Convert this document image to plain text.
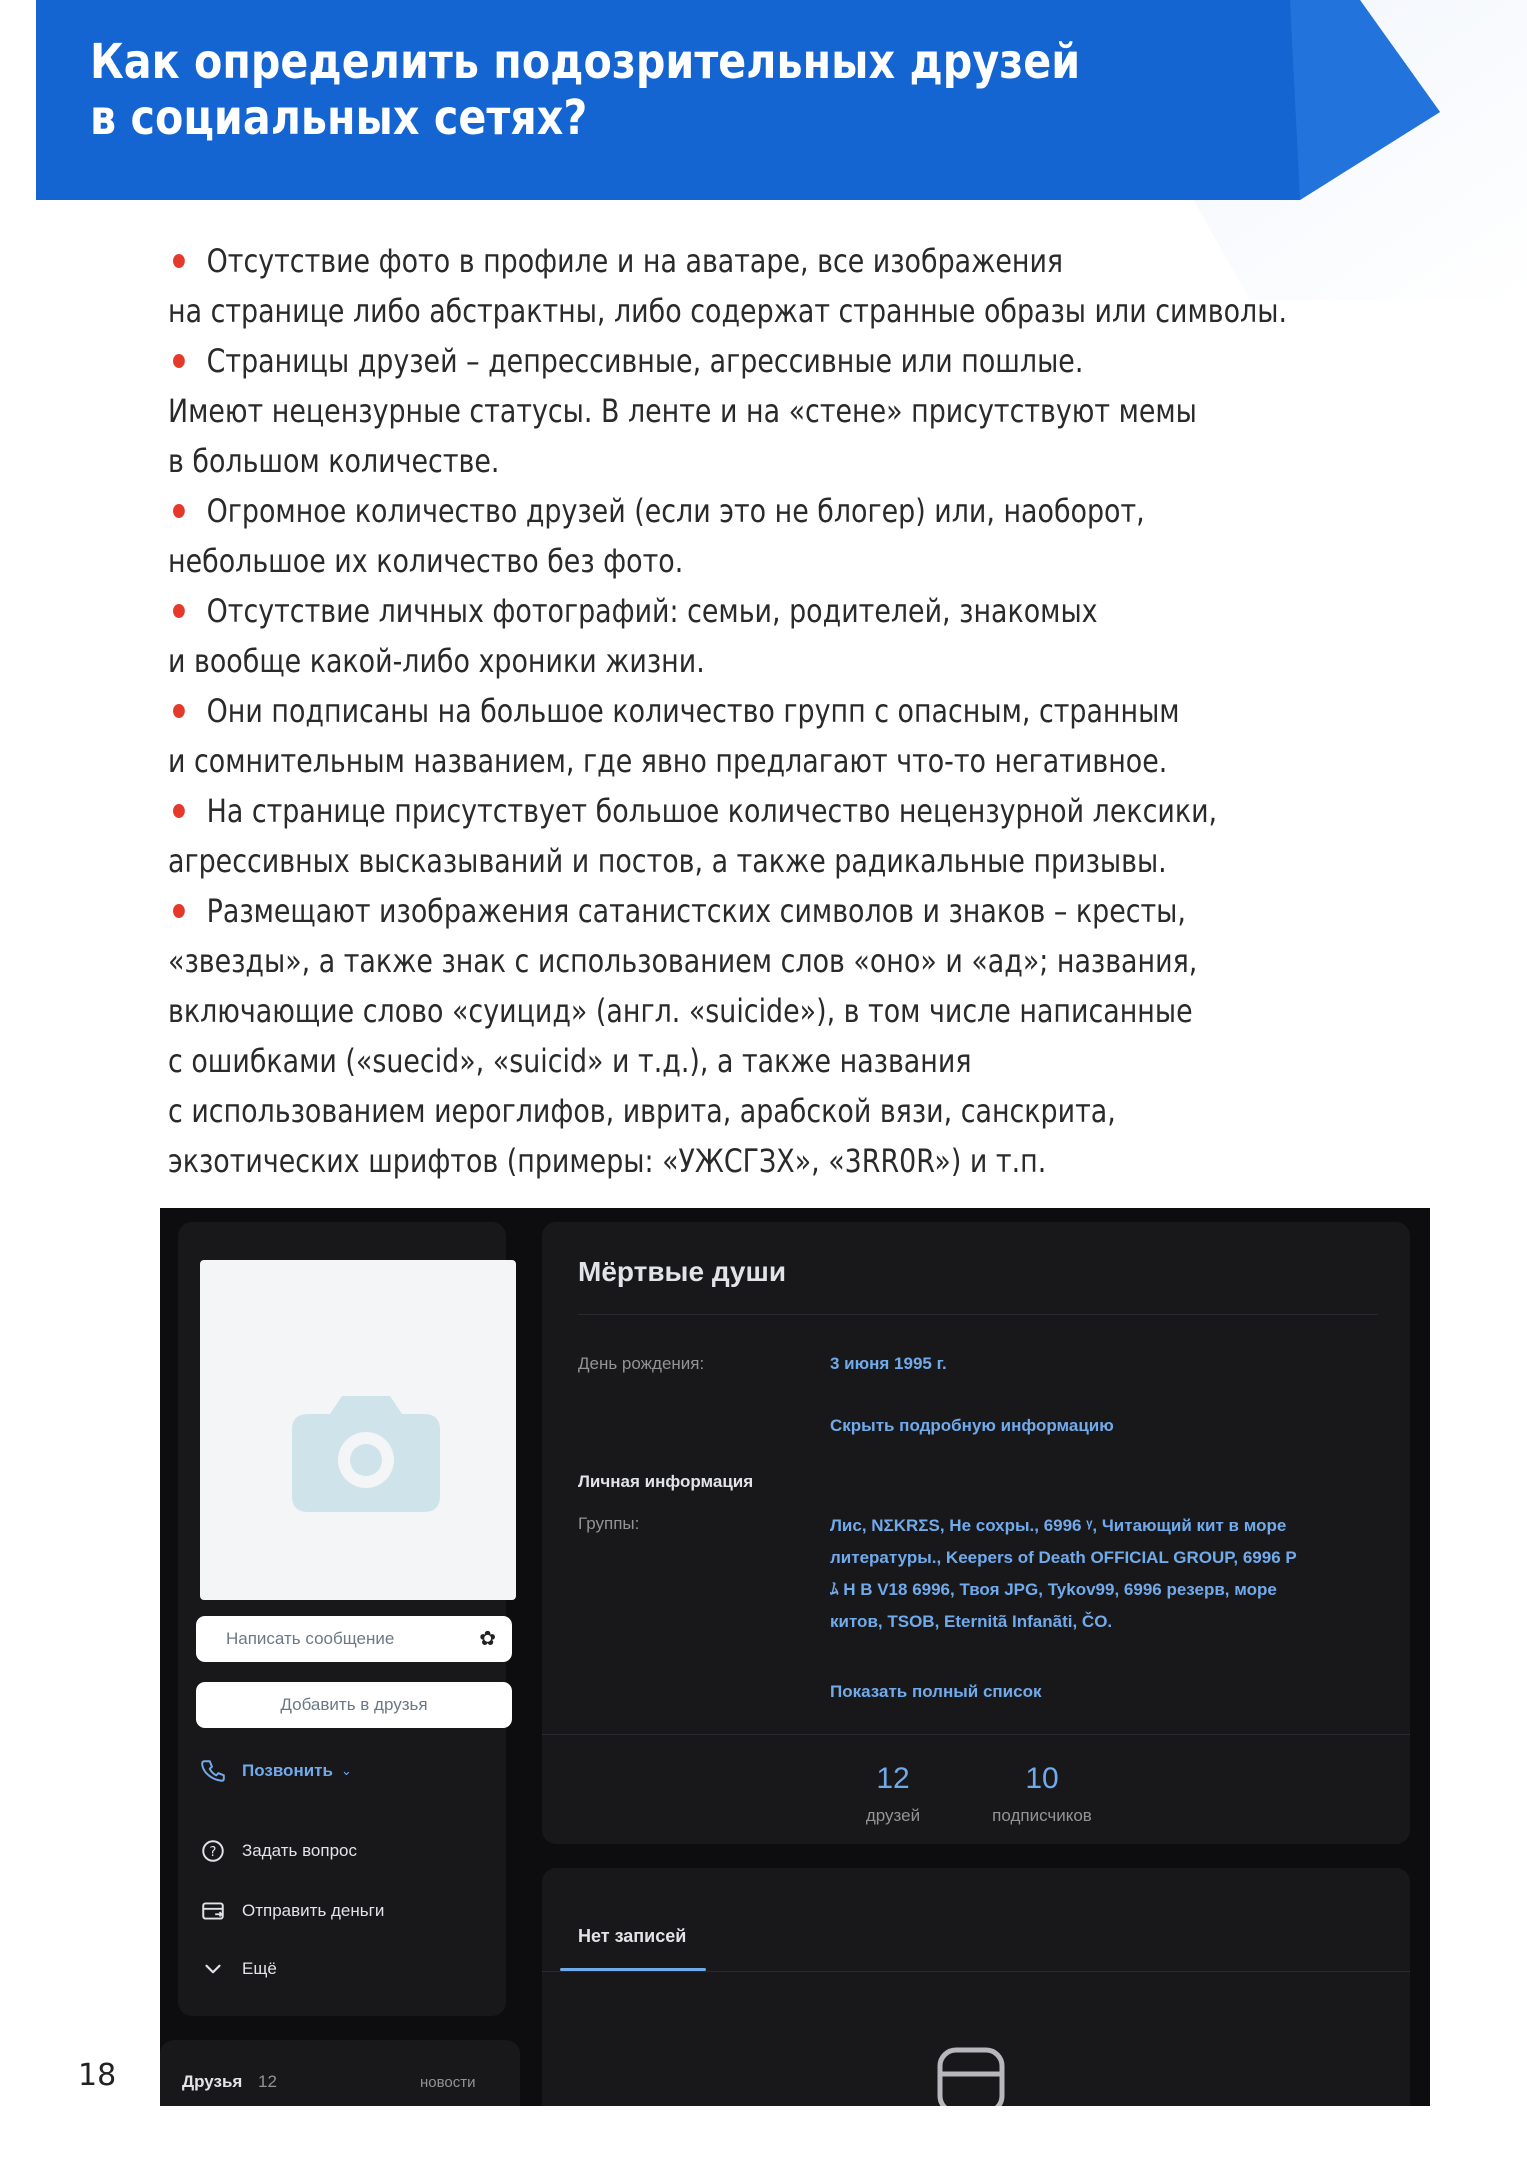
Как определить подозрительных друзей
в социальных сетях?

Отсутствие фото в профиле и на аватаре, все изображения

на странице либо абстрактны, либо содержат странные образы или символы.

Страницы друзей – депрессивные, агрессивные или пошлые.

Имеют нецензурные статусы. В ленте и на «стене» присутствуют мемы

в большом количестве.

Огромное количество друзей (если это не блогер) или, наоборот,

небольшое их количество без фото.

Отсутствие личных фотографий: семьи, родителей, знакомых

и вообще какой-либо хроники жизни.

Они подписаны на большое количество групп с опасным, странным

и сомнительным названием, где явно предлагают что-то негативное.

На странице присутствует большое количество нецензурной лексики,

агрессивных высказываний и постов, а также радикальные призывы.

Размещают изображения сатанистских символов и знаков – кресты,

«звезды», а также знак с использованием слов «оно» и «ад»; названия,

включающие слово «суицид» (англ. «suicide»), в том числе написанные

с ошибками («suecid», «suicid» и т.д.), а также названия

с использованием иероглифов, иврита, арабской вязи, санскрита,

экзотических шрифтов (примеры: «УЖСГЗХ», «3RR0R») и т.п.

Написать сообщение	✿
Добавить в друзья
Позвонить ⌄
? Задать вопрос
Отправить деньги
Ещё
Друзья 12	новости
Мёртвые души
День рождения:	3 июня 1995 г.
Скрыть подробную информацию
Личная информация
Группы:	Лис, NΣKRΣS, Не сохры., 6996 ᵞ, Читающий кит в море
литературы., Keepers of Death OFFICIAL GROUP, 6996 P
ﾑ H B V18 6996, Твоя JPG, Tykov99, 6996 резерв, море
китов, TSOB, Eternitã Infanãti, ČO.
Показать полный список
12
друзей
10
подписчиков
Нет записей
18
